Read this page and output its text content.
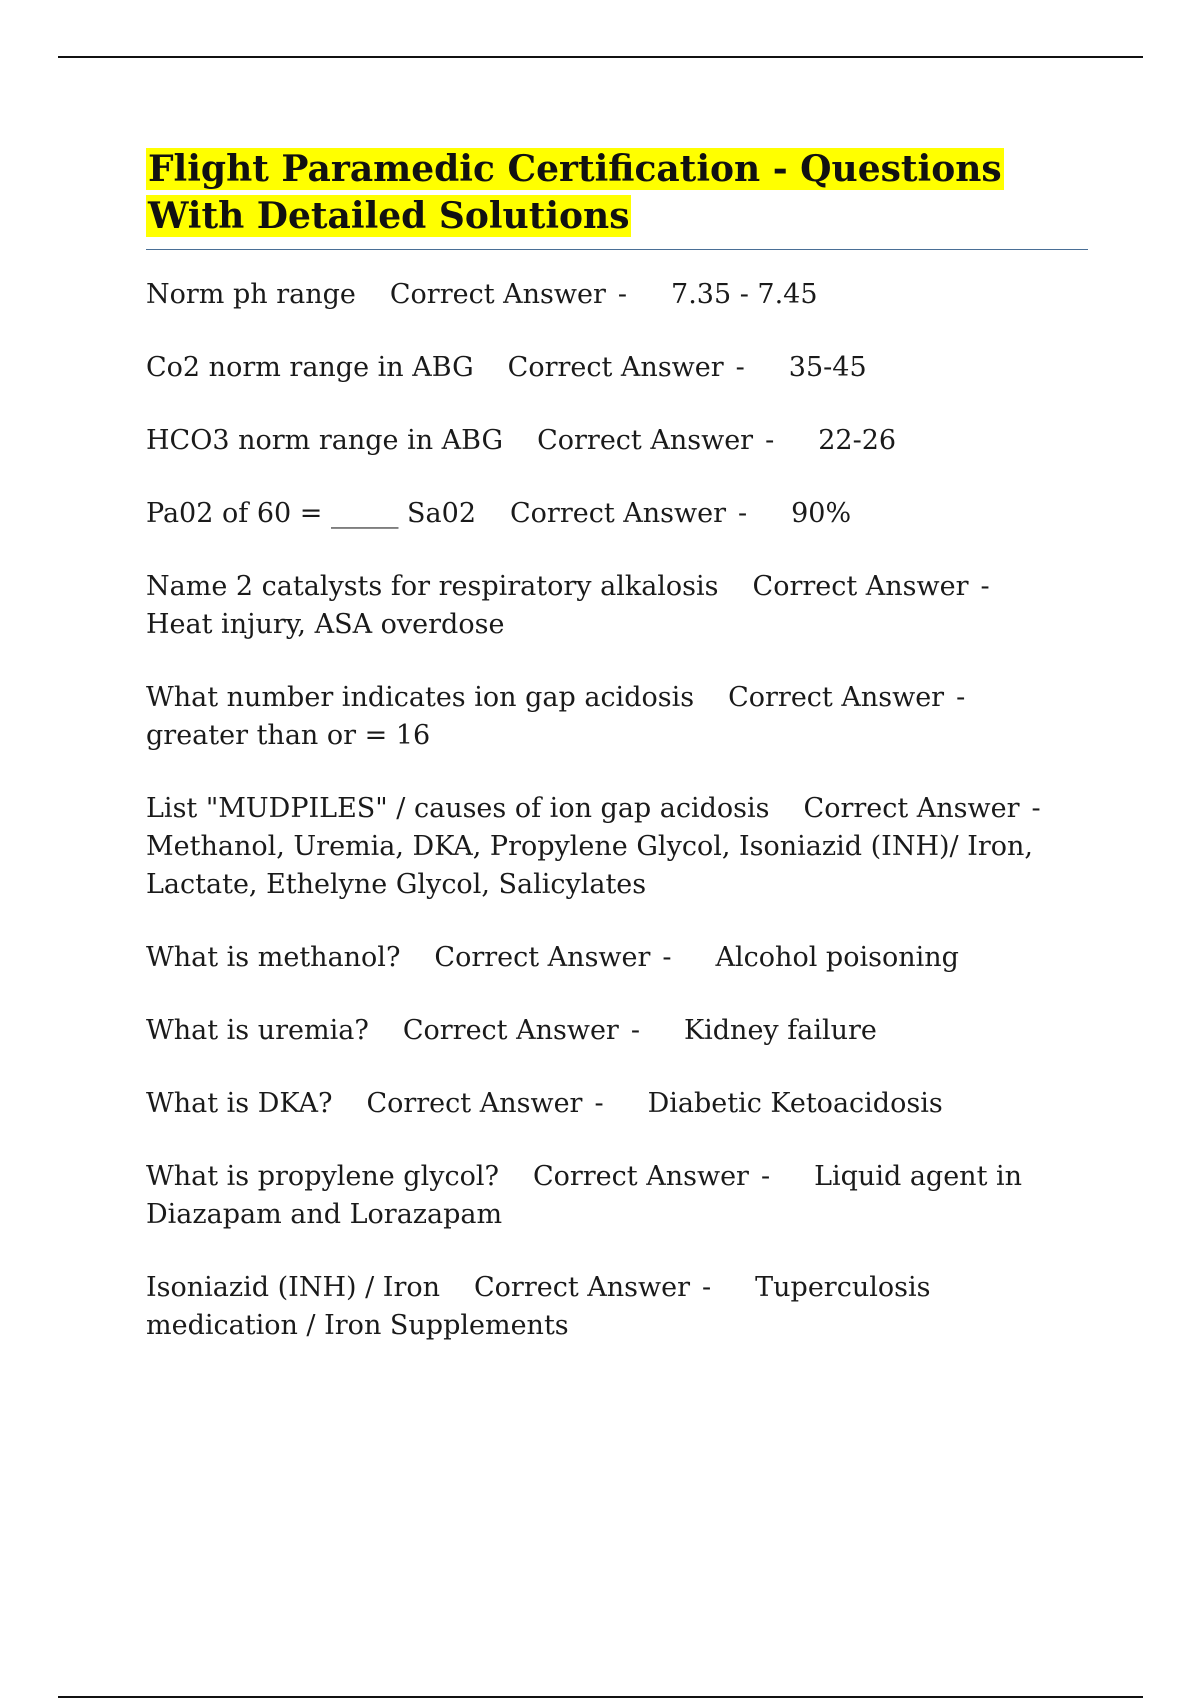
Flight Paramedic Certification - Questions With Detailed Solutions
Norm ph range Correct Answer - 7.35 - 7.45
Co2 norm range in ABG Correct Answer - 35-45
HCO3 norm range in ABG Correct Answer - 22-26
Pa02 of 60 = _____ Sa02 Correct Answer - 90%
Name 2 catalysts for respiratory alkalosis Correct Answer -
Heat injury, ASA overdose
What number indicates ion gap acidosis Correct Answer -
greater than or = 16
List "MUDPILES" / causes of ion gap acidosis Correct Answer -
Methanol, Uremia, DKA, Propylene Glycol, Isoniazid (INH)/ Iron, Lactate, Ethelyne Glycol, Salicylates
What is methanol? Correct Answer - Alcohol poisoning
What is uremia? Correct Answer - Kidney failure
What is DKA? Correct Answer - Diabetic Ketoacidosis
What is propylene glycol? Correct Answer - Liquid agent in Diazapam and Lorazapam
Isoniazid (INH) / Iron Correct Answer - Tuperculosis medication / Iron Supplements
